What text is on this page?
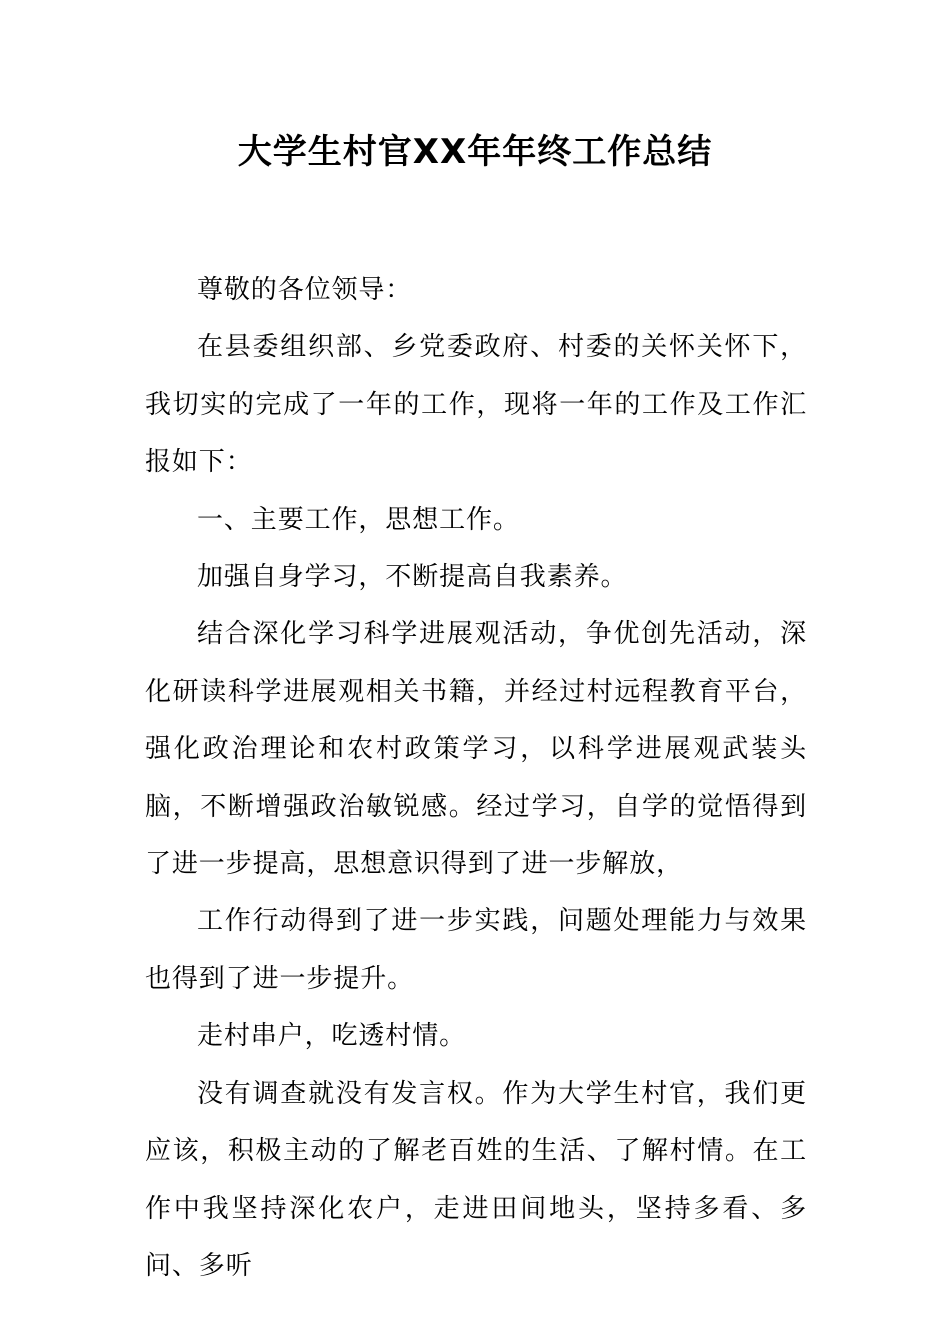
大学生村官XX年年终工作总结

尊敬的各位领导：

在县委组织部、乡党委政府、村委的关怀关怀下，我切实的完成了一年的工作，现将一年的工作及工作汇报如下：

一、主要工作，思想工作。

加强自身学习，不断提高自我素养。

结合深化学习科学进展观活动，争优创先活动，深化研读科学进展观相关书籍，并经过村远程教育平台，强化政治理论和农村政策学习，以科学进展观武装头脑，不断增强政治敏锐感。经过学习，自学的觉悟得到了进一步提高，思想意识得到了进一步解放，

工作行动得到了进一步实践，问题处理能力与效果也得到了进一步提升。

走村串户，吃透村情。

没有调查就没有发言权。作为大学生村官，我们更应该，积极主动的了解老百姓的生活、了解村情。在工作中我坚持深化农户，走进田间地头，坚持多看、多问、多听
